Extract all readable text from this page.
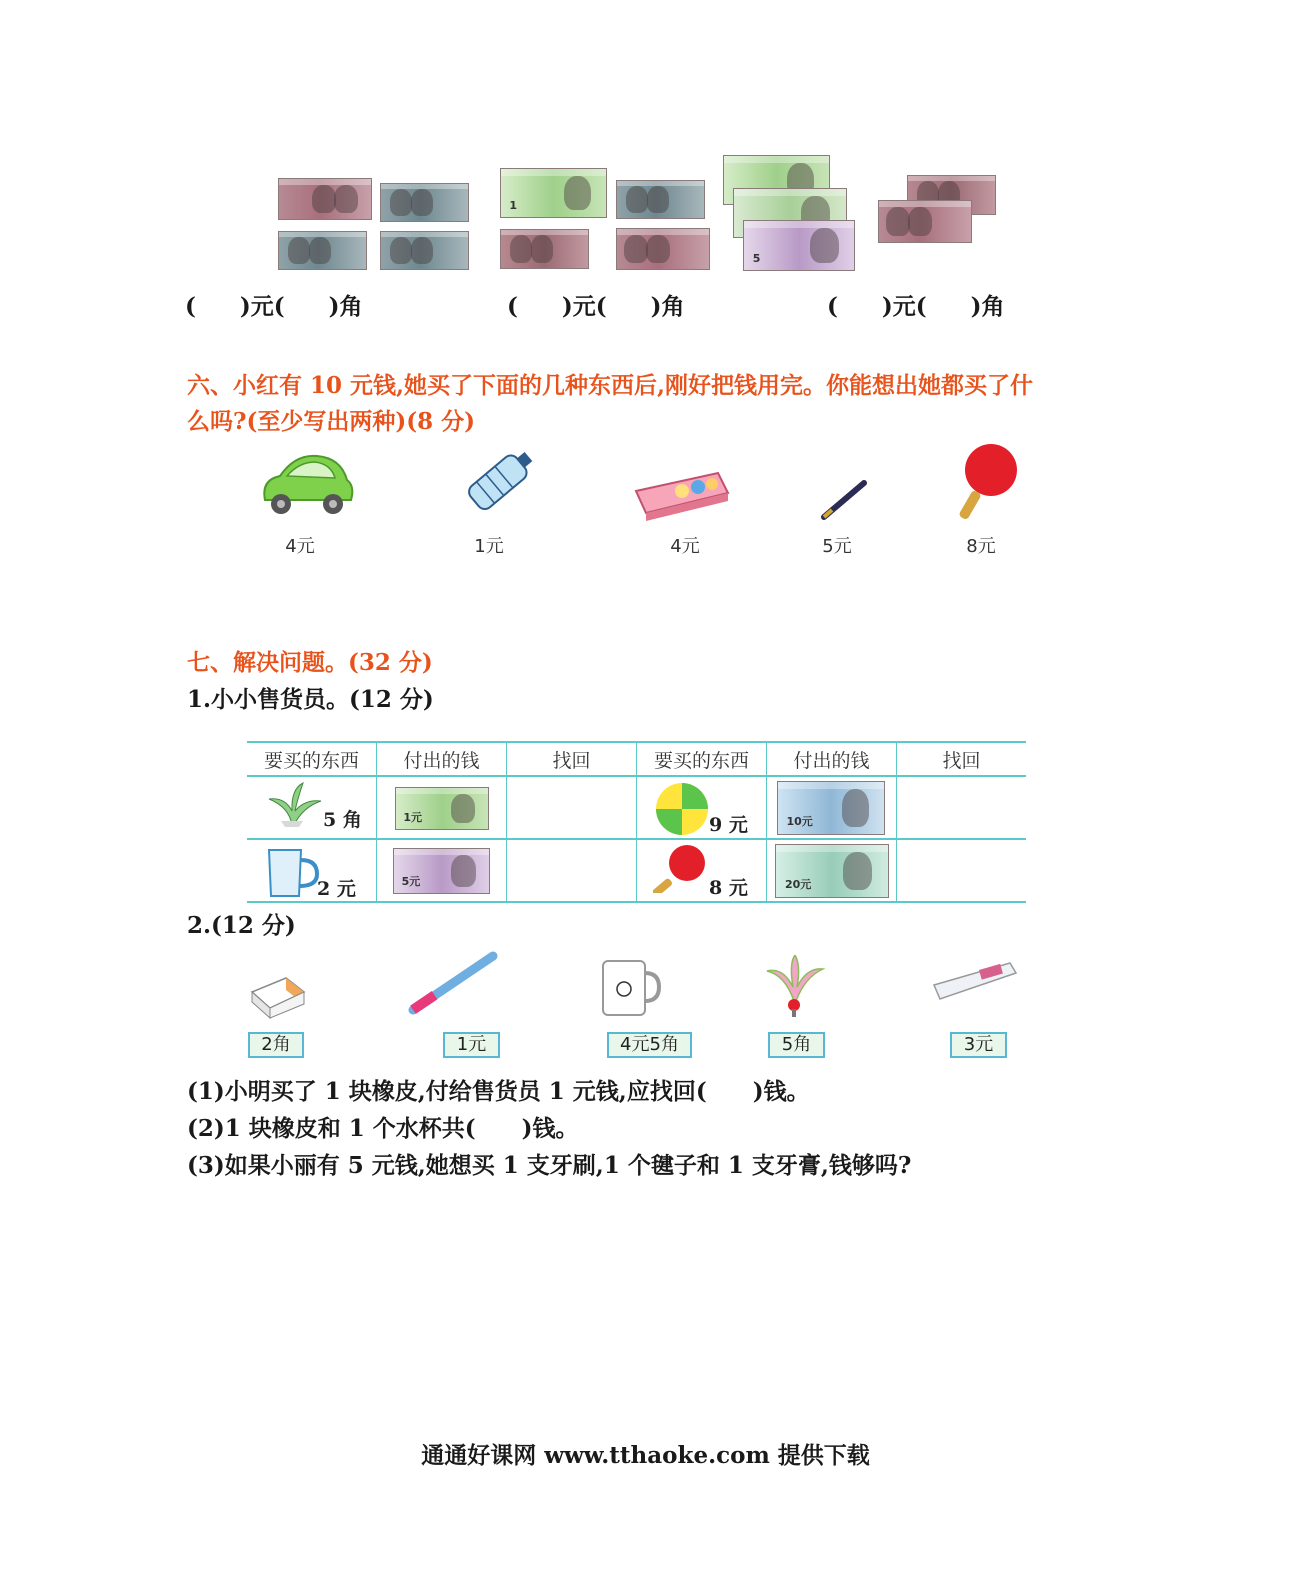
1
5
( )元( )角	( )元( )角	( )元( )角
六、小红有 10 元钱,她买了下面的几种东西后,刚好把钱用完。你能想出她都买了什
么吗?(至少写出两种)(8 分)
4元	1元	4元	5元	8元
七、解决问题。(32 分)
1.小小售货员。(12 分)
要买的东西	付出的钱	找回	要买的东西	付出的钱	找回

5 角	1元		9 元	10元	

2 元	5元		8 元	20元	

2.(12 分)
2角	1元	4元5角	5角	3元
(1)小明买了 1 块橡皮,付给售货员 1 元钱,应找回(　　)钱。
(2)1 块橡皮和 1 个水杯共(　　)钱。
(3)如果小丽有 5 元钱,她想买 1 支牙刷,1 个毽子和 1 支牙膏,钱够吗?
通通好课网 www.tthaoke.com 提供下载
